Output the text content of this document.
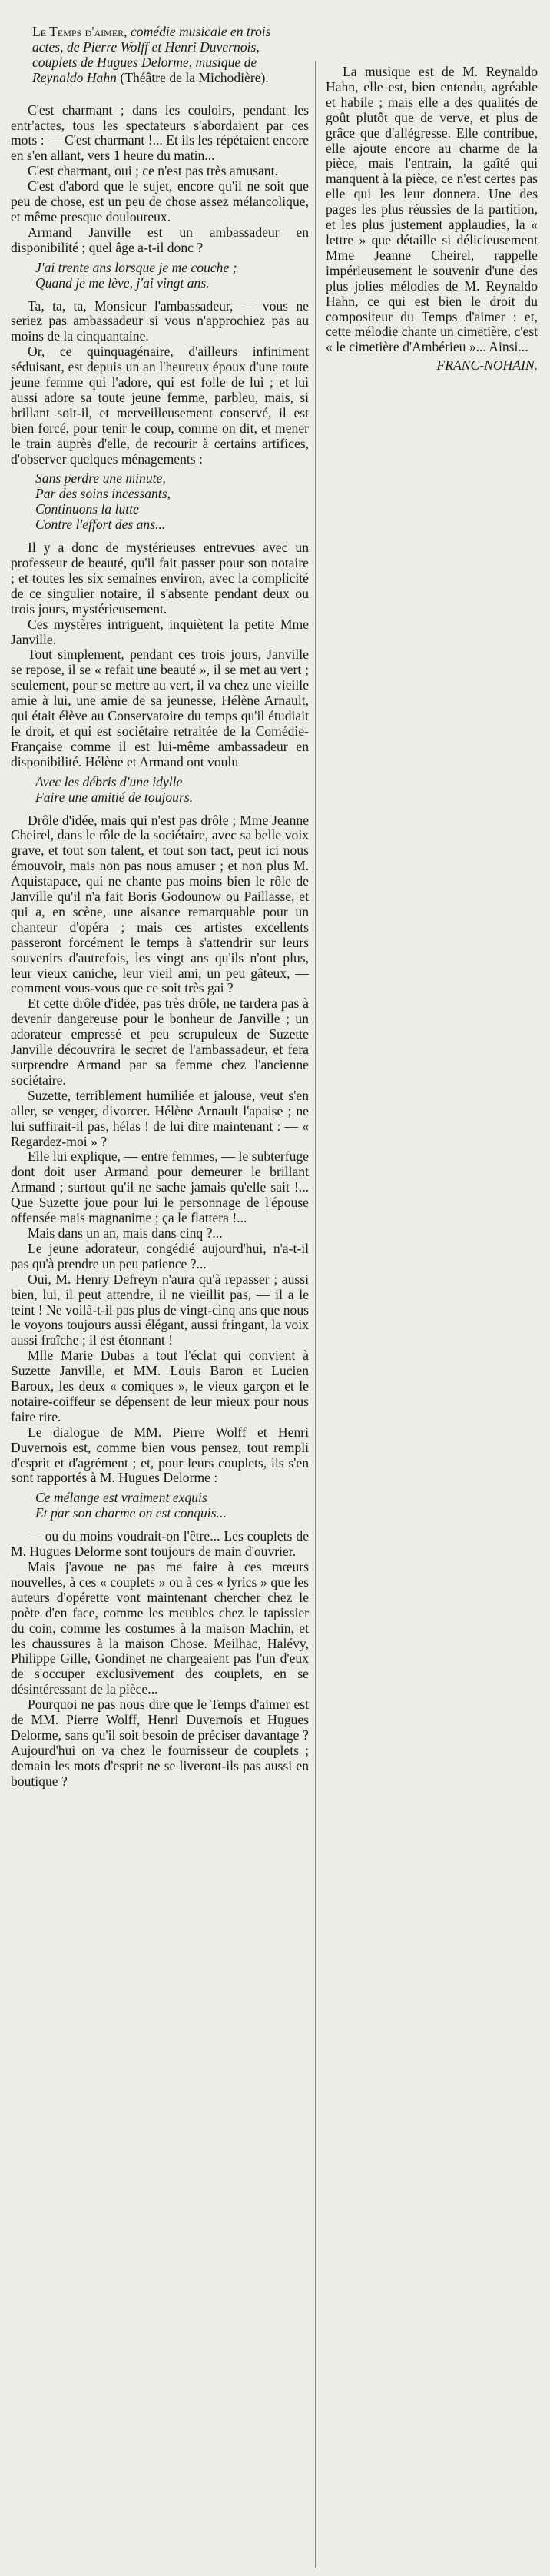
Le Temps d'aimer, comédie musicale en trois actes, de Pierre Wolff et Henri Duvernois, couplets de Hugues Delorme, musique de Reynaldo Hahn (Théâtre de la Michodière).

C'est charmant ; dans les couloirs, pendant les entr'actes, tous les spectateurs s'abordaient par ces mots : — C'est charmant !... Et ils les répétaient encore en s'en allant, vers 1 heure du matin...

C'est charmant, oui ; ce n'est pas très amusant.

C'est d'abord que le sujet, encore qu'il ne soit que peu de chose, est un peu de chose assez mélancolique, et même presque douloureux.

Armand Janville est un ambassadeur en disponibilité ; quel âge a-t-il donc ?

J'ai trente ans lorsque je me couche ;
Quand je me lève, j'ai vingt ans.

Ta, ta, ta, Monsieur l'ambassadeur, — vous ne seriez pas ambassadeur si vous n'approchiez pas au moins de la cinquantaine.

Or, ce quinquagénaire, d'ailleurs infiniment séduisant, est depuis un an l'heureux époux d'une toute jeune femme qui l'adore, qui est folle de lui ; et lui aussi adore sa toute jeune femme, parbleu, mais, si brillant soit-il, et merveilleusement conservé, il est bien forcé, pour tenir le coup, comme on dit, et mener le train auprès d'elle, de recourir à certains artifices, d'observer quelques ménagements :

Sans perdre une minute,
Par des soins incessants,
Continuons la lutte
Contre l'effort des ans...

Il y a donc de mystérieuses entrevues avec un professeur de beauté, qu'il fait passer pour son notaire ; et toutes les six semaines environ, avec la complicité de ce singulier notaire, il s'absente pendant deux ou trois jours, mystérieusement.

Ces mystères intriguent, inquiètent la petite Mme Janville.

Tout simplement, pendant ces trois jours, Janville se repose, il se « refait une beauté », il se met au vert ; seulement, pour se mettre au vert, il va chez une vieille amie à lui, une amie de sa jeunesse, Hélène Arnault, qui était élève au Conservatoire du temps qu'il étudiait le droit, et qui est sociétaire retraitée de la Comédie-Française comme il est lui-même ambassadeur en disponibilité. Hélène et Armand ont voulu

Avec les débris d'une idylle
Faire une amitié de toujours.

Drôle d'idée, mais qui n'est pas drôle ; Mme Jeanne Cheirel, dans le rôle de la sociétaire, avec sa belle voix grave, et tout son talent, et tout son tact, peut ici nous émouvoir, mais non pas nous amuser ; et non plus M. Aquistapace, qui ne chante pas moins bien le rôle de Janville qu'il n'a fait Boris Godounow ou Paillasse, et qui a, en scène, une aisance remarquable pour un chanteur d'opéra ; mais ces artistes excellents passeront forcément le temps à s'attendrir sur leurs souvenirs d'autrefois, les vingt ans qu'ils n'ont plus, leur vieux caniche, leur vieil ami, un peu gâteux, — comment vous-vous que ce soit très gai ?

Et cette drôle d'idée, pas très drôle, ne tardera pas à devenir dangereuse pour le bonheur de Janville ; un adorateur empressé et peu scrupuleux de Suzette Janville découvrira le secret de l'ambassadeur, et fera surprendre Armand par sa femme chez l'ancienne sociétaire.

Suzette, terriblement humiliée et jalouse, veut s'en aller, se venger, divorcer. Hélène Arnault l'apaise ; ne lui suffirait-il pas, hélas ! de lui dire maintenant : — « Regardez-moi » ?

Elle lui explique, — entre femmes, — le subterfuge dont doit user Armand pour demeurer le brillant Armand ; surtout qu'il ne sache jamais qu'elle sait !... Que Suzette joue pour lui le personnage de l'épouse offensée mais magnanime ; ça le flattera !...

Mais dans un an, mais dans cinq ?...

Le jeune adorateur, congédié aujourd'hui, n'a-t-il pas qu'à prendre un peu patience ?...

Oui, M. Henry Defreyn n'aura qu'à repasser ; aussi bien, lui, il peut attendre, il ne vieillit pas, — il a le teint ! Ne voilà-t-il pas plus de vingt-cinq ans que nous le voyons toujours aussi élégant, aussi fringant, la voix aussi fraîche ; il est étonnant !

Mlle Marie Dubas a tout l'éclat qui convient à Suzette Janville, et MM. Louis Baron et Lucien Baroux, les deux « comiques », le vieux garçon et le notaire-coiffeur se dépensent de leur mieux pour nous faire rire.

Le dialogue de MM. Pierre Wolff et Henri Duvernois est, comme bien vous pensez, tout rempli d'esprit et d'agrément ; et, pour leurs couplets, ils s'en sont rapportés à M. Hugues Delorme :

Ce mélange est vraiment exquis
Et par son charme on est conquis...

— ou du moins voudrait-on l'être... Les couplets de M. Hugues Delorme sont toujours de main d'ouvrier.

Mais j'avoue ne pas me faire à ces mœurs nouvelles, à ces « couplets » ou à ces « lyrics » que les auteurs d'opérette vont maintenant chercher chez le poète d'en face, comme les meubles chez le tapissier du coin, comme les costumes à la maison Machin, et les chaussures à la maison Chose. Meilhac, Halévy, Philippe Gille, Gondinet ne chargeaient pas l'un d'eux de s'occuper exclusivement des couplets, en se désintéressant de la pièce...

Pourquoi ne pas nous dire que le Temps d'aimer est de MM. Pierre Wolff, Henri Duvernois et Hugues Delorme, sans qu'il soit besoin de préciser davantage ? Aujourd'hui on va chez le fournisseur de couplets ; demain les mots d'esprit ne se liveront-ils pas aussi en boutique ?

La musique est de M. Reynaldo Hahn, elle est, bien entendu, agréable et habile ; mais elle a des qualités de goût plutôt que de verve, et plus de grâce que d'allégresse. Elle contribue, elle ajoute encore au charme de la pièce, mais l'entrain, la gaîté qui manquent à la pièce, ce n'est certes pas elle qui les leur donnera. Une des pages les plus réussies de la partition, et les plus justement applaudies, la « lettre » que détaille si délicieusement Mme Jeanne Cheirel, rappelle impérieusement le souvenir d'une des plus jolies mélodies de M. Reynaldo Hahn, ce qui est bien le droit du compositeur du Temps d'aimer : et, cette mélodie chante un cimetière, c'est « le cimetière d'Ambérieu »... Ainsi...

FRANC-NOHAIN.
